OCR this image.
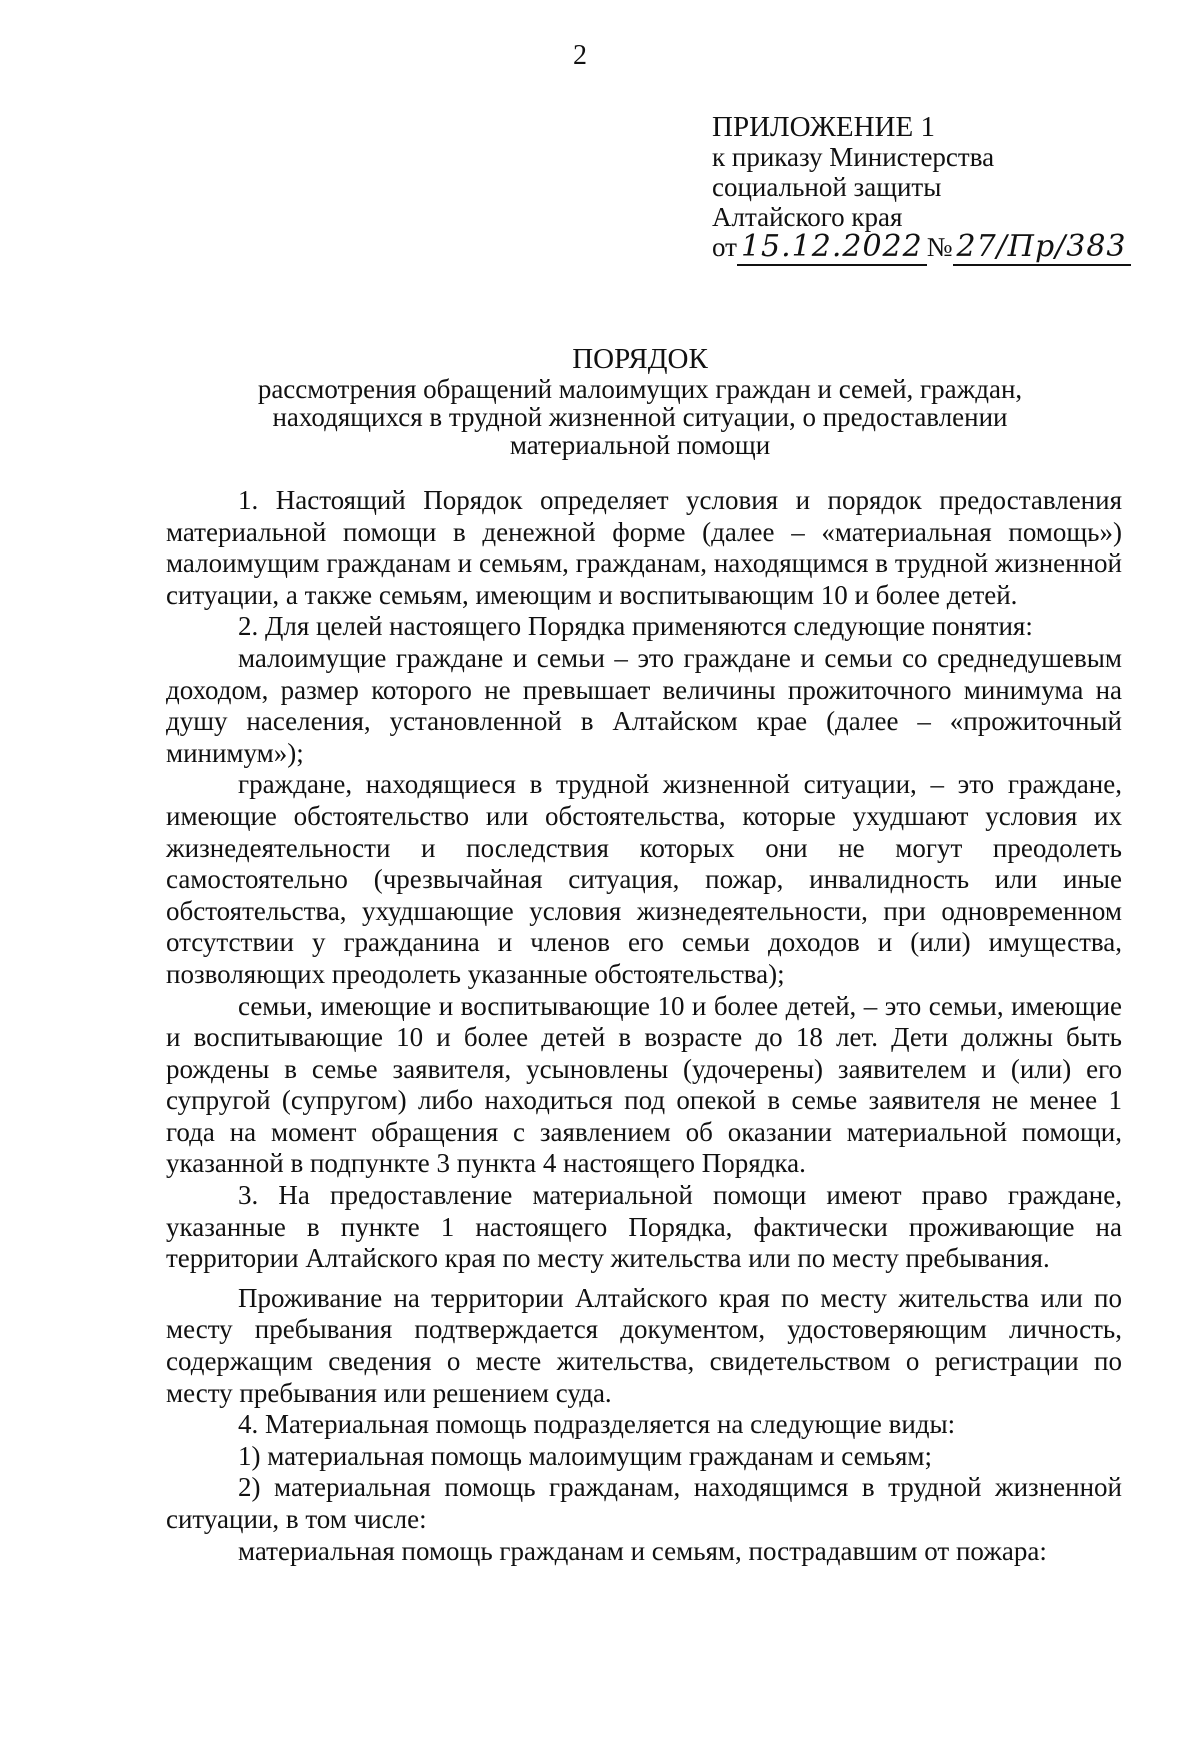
2
ПРИЛОЖЕНИЕ 1
к приказу Министерства
социальной защиты
Алтайского края
от 15.12.2022 № 27/Пр/383
ПОРЯДОК
рассмотрения обращений малоимущих граждан и семей, граждан,
находящихся в трудной жизненной ситуации, о предоставлении
материальной помощи

1. Настоящий Порядок определяет условия и порядок предоставления материальной помощи в денежной форме (далее – «материальная помощь») малоимущим гражданам и семьям, гражданам, находящимся в трудной жизненной ситуации, а также семьям, имеющим и воспитывающим 10 и более детей.

2. Для целей настоящего Порядка применяются следующие понятия:

малоимущие граждане и семьи – это граждане и семьи со среднедушевым доходом, размер которого не превышает величины прожиточного минимума на душу населения, установленной в Алтайском крае (далее – «прожиточный минимум»);

граждане, находящиеся в трудной жизненной ситуации, – это граждане, имеющие обстоятельство или обстоятельства, которые ухудшают условия их жизнедеятельности и последствия которых они не могут преодолеть самостоятельно (чрезвычайная ситуация, пожар, инвалидность или иные обстоятельства, ухудшающие условия жизнедеятельности, при одновременном отсутствии у гражданина и членов его семьи доходов и (или) имущества, позволяющих преодолеть указанные обстоятельства);

семьи, имеющие и воспитывающие 10 и более детей, – это семьи, имеющие и воспитывающие 10 и более детей в возрасте до 18 лет. Дети должны быть рождены в семье заявителя, усыновлены (удочерены) заявителем и (или) его супругой (супругом) либо находиться под опекой в семье заявителя не менее 1 года на момент обращения с заявлением об оказании материальной помощи, указанной в подпункте 3 пункта 4 настоящего Порядка.

3. На предоставление материальной помощи имеют право граждане, указанные в пункте 1 настоящего Порядка, фактически проживающие на территории Алтайского края по месту жительства или по месту пребывания.

Проживание на территории Алтайского края по месту жительства или по месту пребывания подтверждается документом, удостоверяющим личность, содержащим сведения о месте жительства, свидетельством о регистрации по месту пребывания или решением суда.

4. Материальная помощь подразделяется на следующие виды:

1) материальная помощь малоимущим гражданам и семьям;

2) материальная помощь гражданам, находящимся в трудной жизненной ситуации, в том числе:

материальная помощь гражданам и семьям, пострадавшим от пожара:
